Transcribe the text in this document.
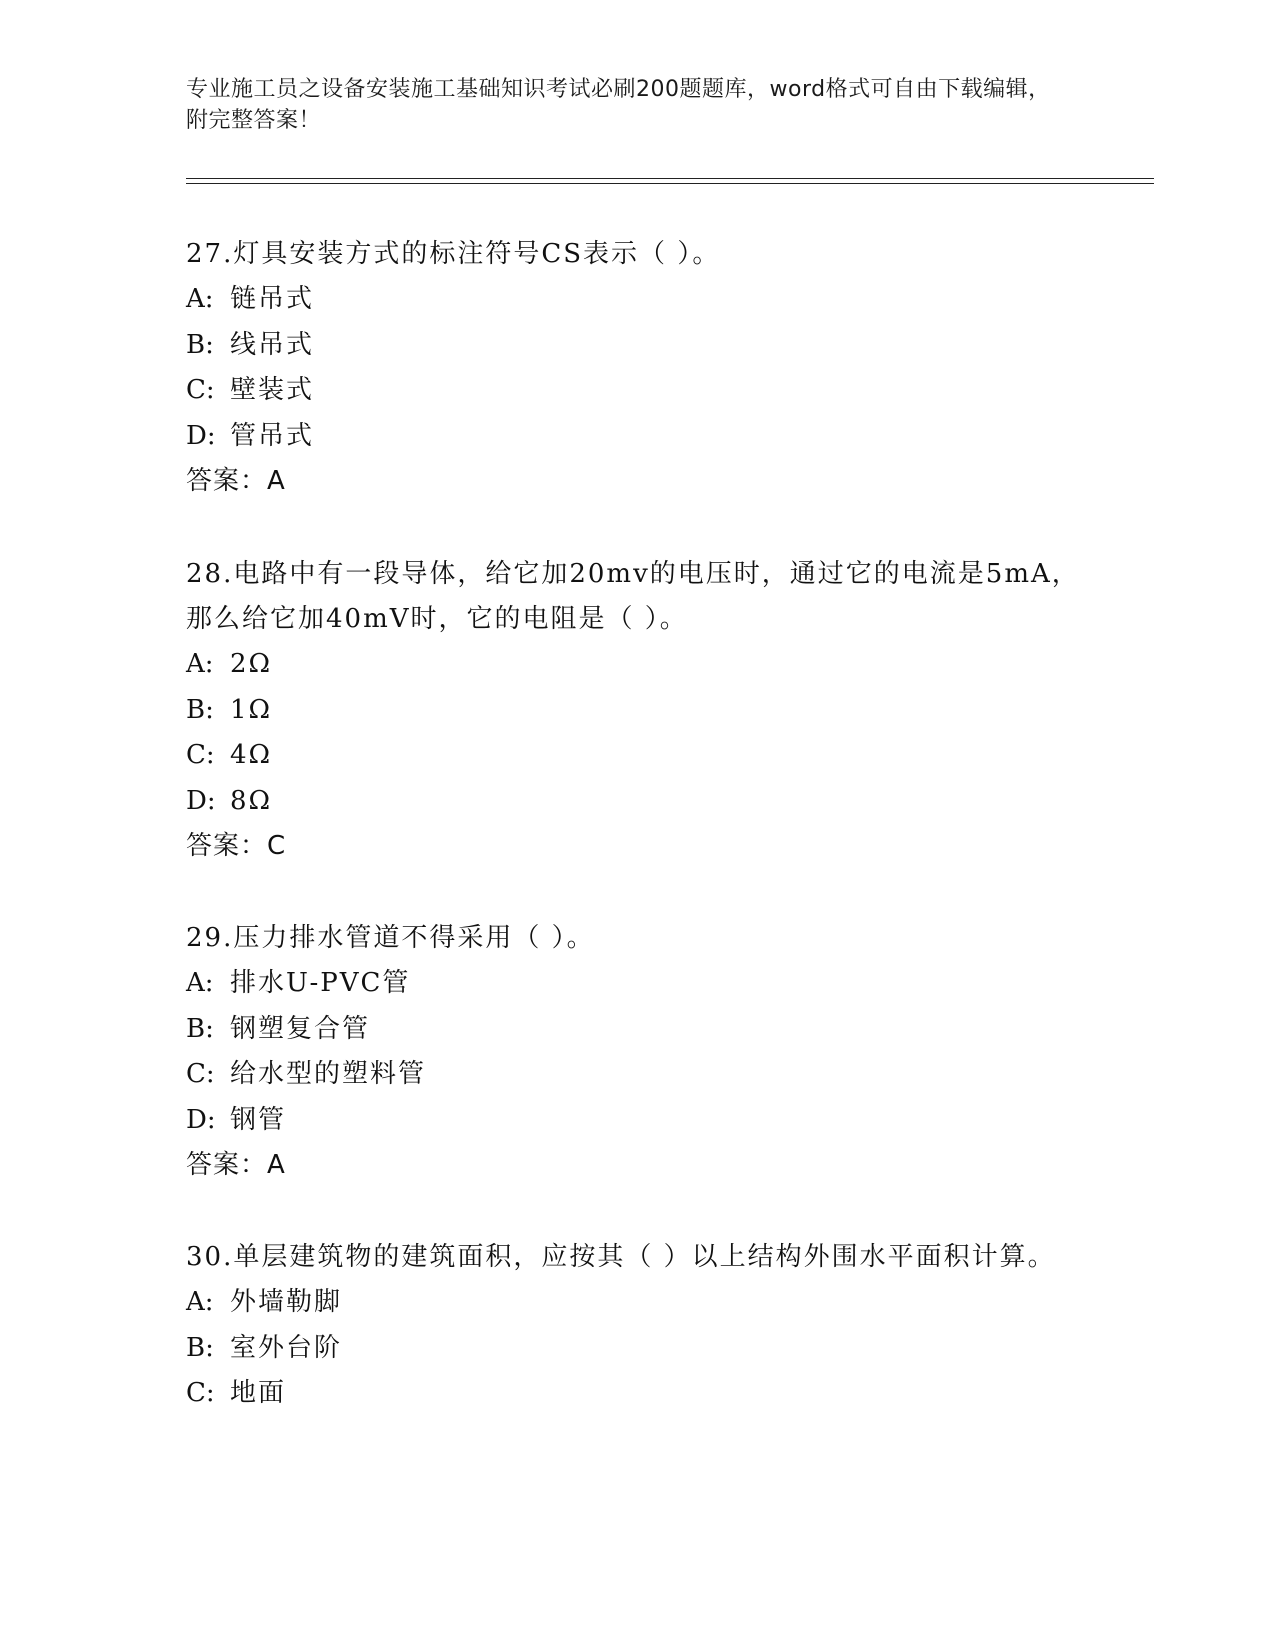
专业施工员之设备安装施工基础知识考试必刷200题题库，word格式可自由下载编辑，附完整答案！

27.灯具安装方式的标注符号CS表示（ ）。

A: 链吊式
B: 线吊式
C: 壁装式
D: 管吊式
答案：A

28.电路中有一段导体，给它加20mv的电压时，通过它的电流是5mA，那么给它加40mV时，它的电阻是（ ）。

A: 2Ω
B: 1Ω
C: 4Ω
D: 8Ω
答案：C

29.压力排水管道不得采用（ ）。

A: 排水U-PVC管
B: 钢塑复合管
C: 给水型的塑料管
D: 钢管
答案：A

30.单层建筑物的建筑面积，应按其（ ）以上结构外围水平面积计算。

A: 外墙勒脚
B: 室外台阶
C: 地面
